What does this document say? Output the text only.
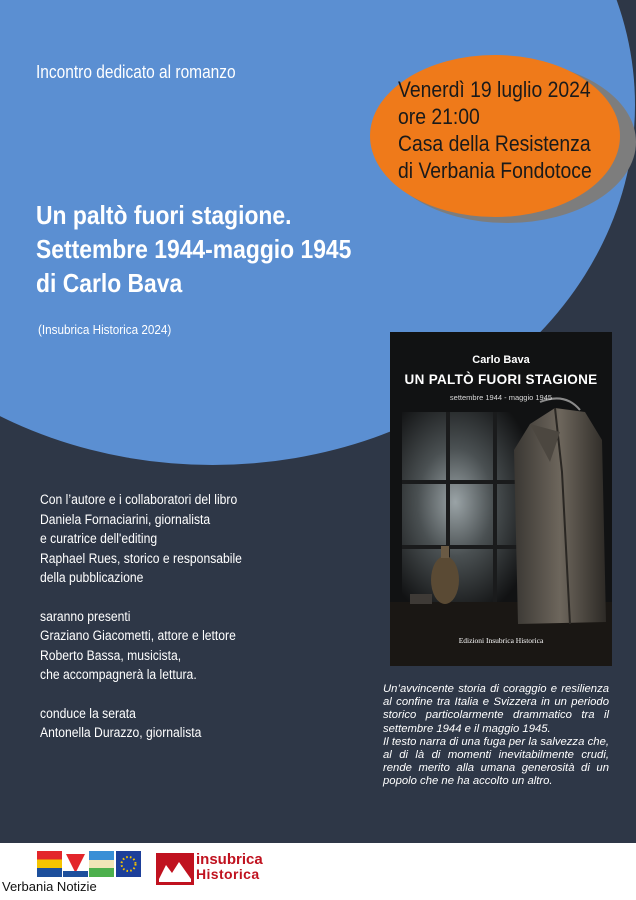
Venerdì 19 luglio 2024
ore 21:00
Casa della Resistenza
di Verbania Fondotoce
Incontro dedicato al romanzo
Un paltò fuori stagione.
Settembre 1944-maggio 1945
di Carlo Bava
(Insubrica Historica 2024)
Carlo Bava
UN PALTÒ FUORI STAGIONE
settembre 1944 - maggio 1945
Edizioni Insubrica Historica
Con l’autore e i collaboratori del libro
Daniela Fornaciarini, giornalista
e curatrice dell'editing
Raphael Rues, storico e responsabile
della pubblicazione
saranno presenti
Graziano Giacometti, attore e lettore
Roberto Bassa, musicista,
che accompagnerà la lettura.
conduce la serata
Antonella Durazzo, giornalista

Un’avvincente storia di coraggio e resilienza al confine tra Italia e Svizzera in un periodo storico particolarmente drammatico tra il settembre 1944 e il maggio 1945.

Il testo narra di una fuga per la salvezza che, al di là di momenti inevitabilmente crudi, rende merito alla umana generosità di un popolo che ne ha accolto un altro.

Verbania Notizie
insubrica
Historica
